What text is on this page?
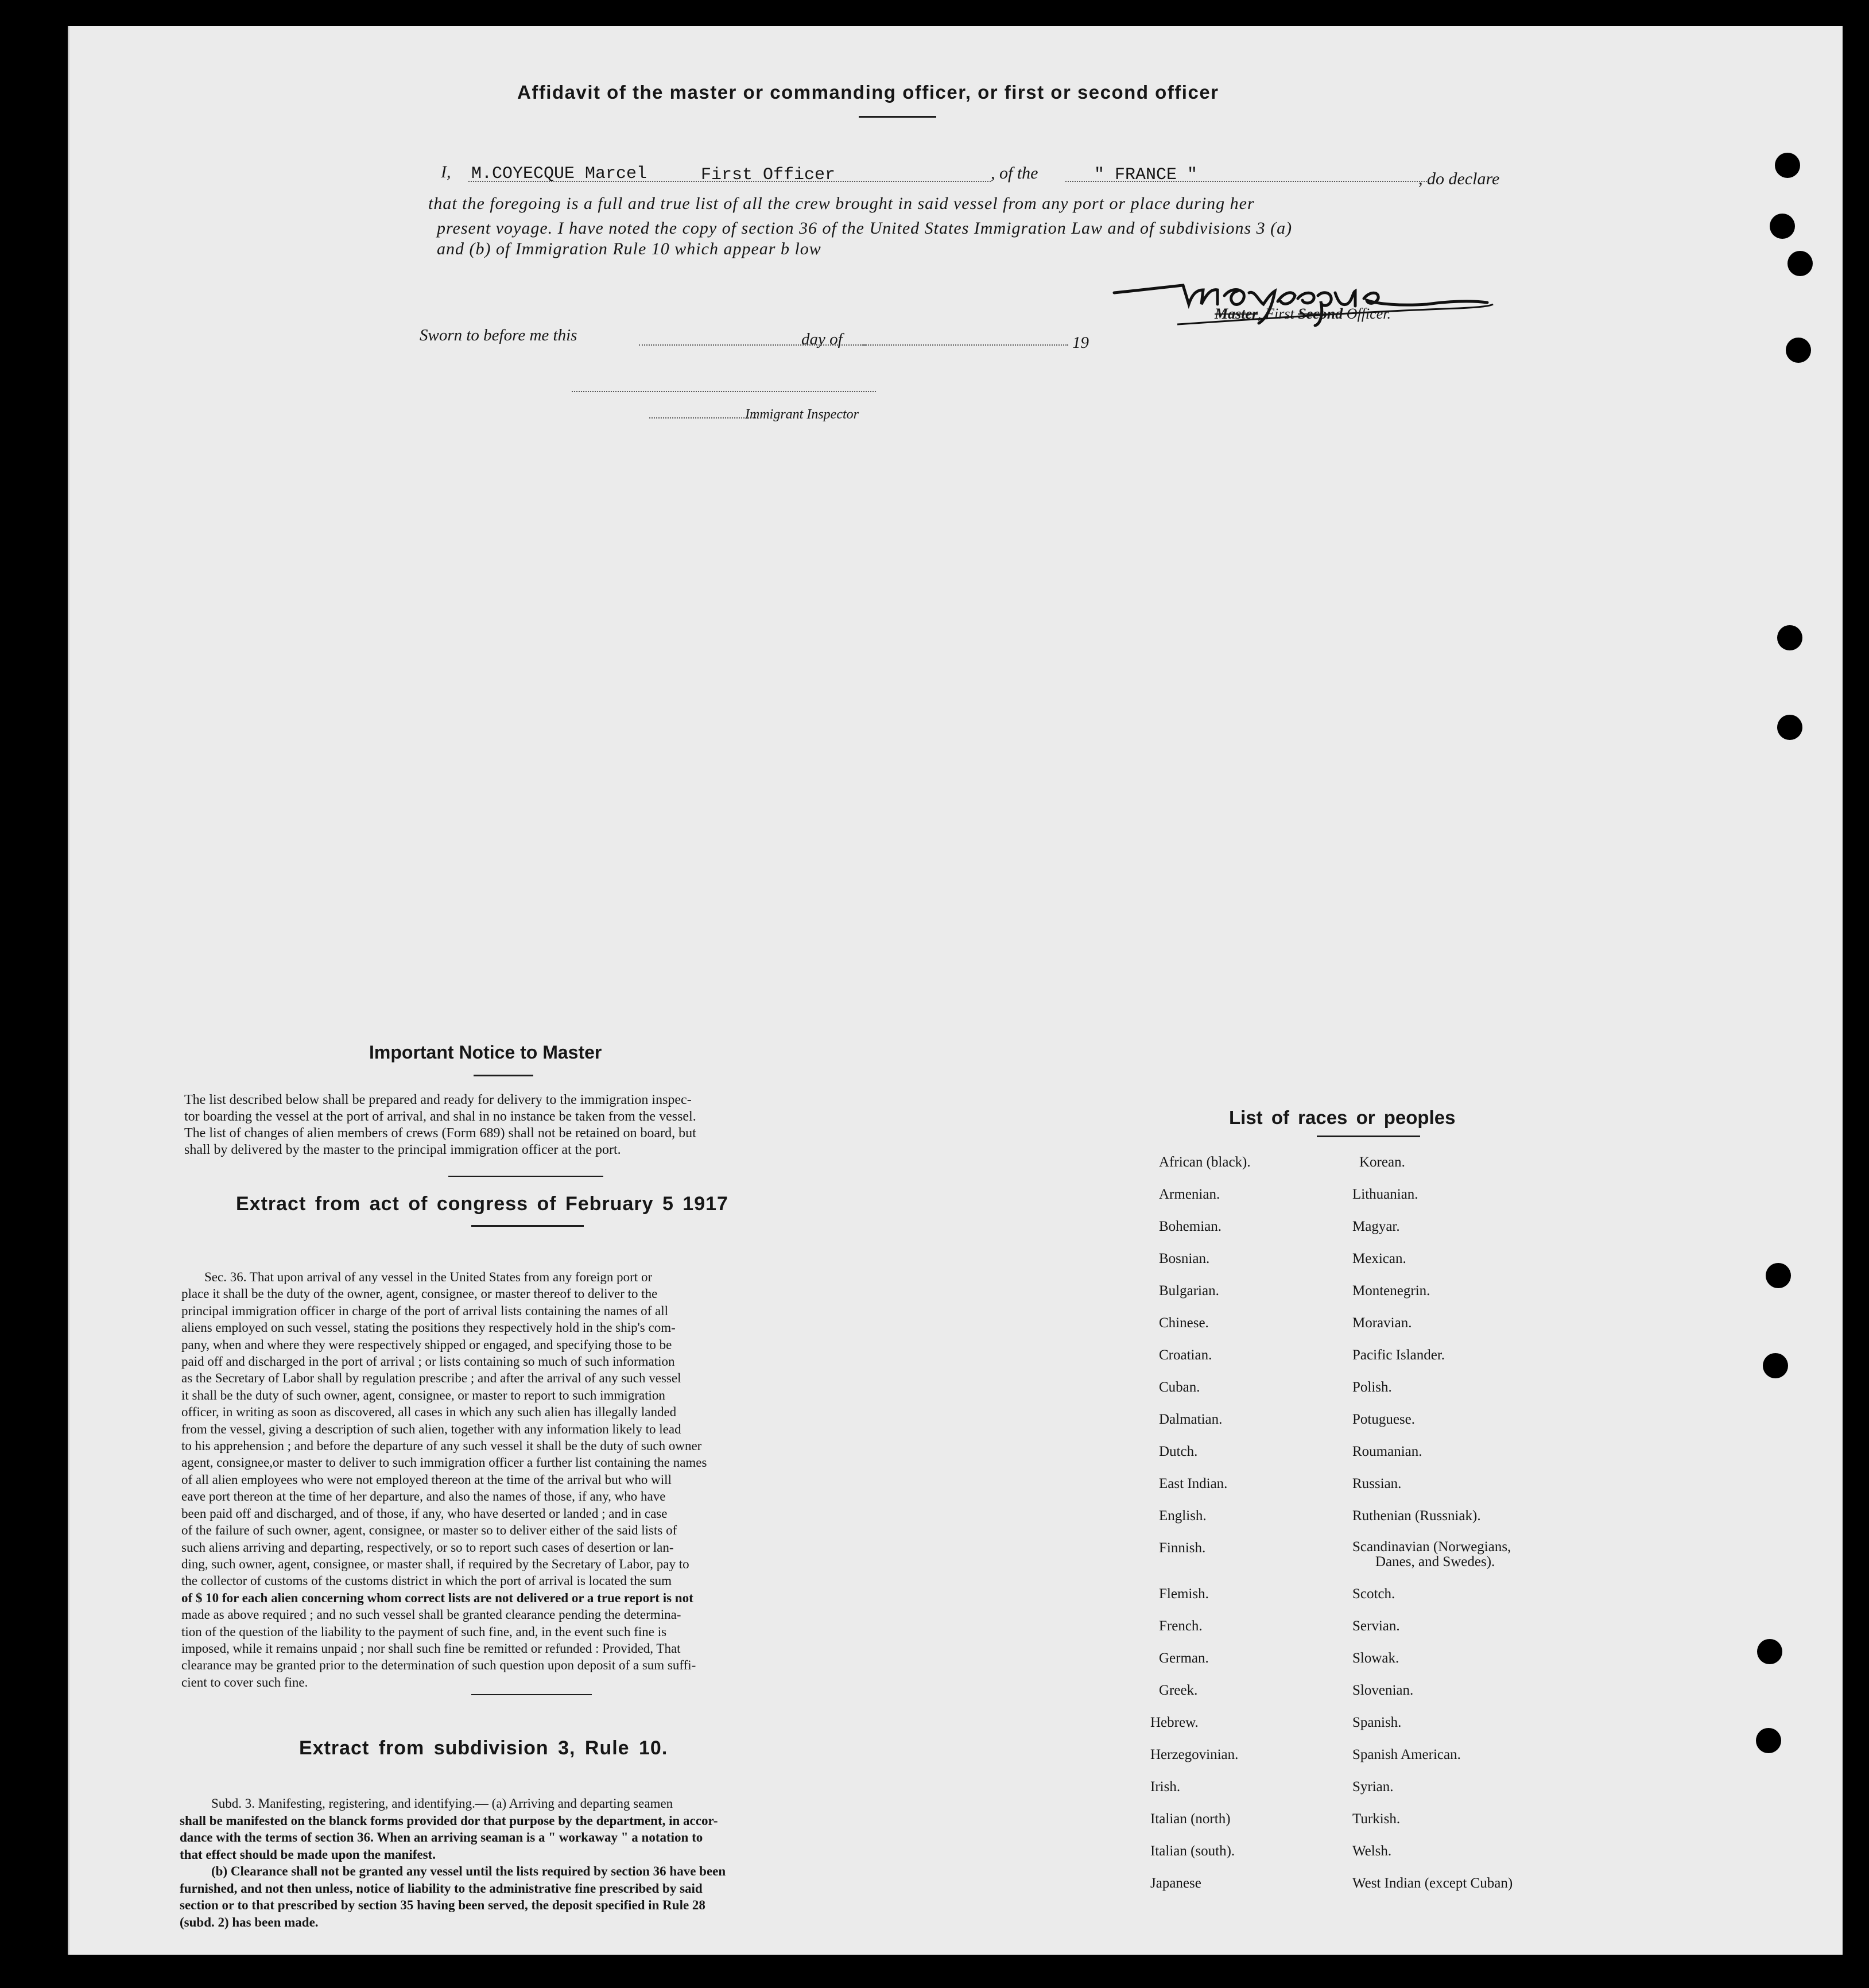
Affidavit of the master or commanding officer, or first or second officer
I, M.COYECQUE Marcel	First Officer	, of the	" FRANCE "	, do declare
that the foregoing is a full and true list of all the crew brought in said vessel from any port or place during her
present voyage. I have noted the copy of section 36 of the United States Immigration Law and of subdivisions 3 (a)
and (b) of Immigration Rule 10 which appear b low
Master, First Second Officer.
Sworn to before me this	day of	19
Immigrant Inspector
Important Notice to Master
The list described below shall be prepared and ready for delivery to the immigration inspec-
tor boarding the vessel at the port of arrival, and shal in no instance be taken from the vessel.
The list of changes of alien members of crews (Form 689) shall not be retained on board, but
shall by delivered by the master to the principal immigration officer at the port.
Extract from act of congress of February 5 1917
Sec. 36. That upon arrival of any vessel in the United States from any foreign port or
place it shall be the duty of the owner, agent, consignee, or master thereof to deliver to the
principal immigration officer in charge of the port of arrival lists containing the names of all
aliens employed on such vessel, stating the positions they respectively hold in the ship's com-
pany, when and where they were respectively shipped or engaged, and specifying those to be
paid off and discharged in the port of arrival ; or lists containing so much of such information
as the Secretary of Labor shall by regulation prescribe ; and after the arrival of any such vessel
it shall be the duty of such owner, agent, consignee, or master to report to such immigration
officer, in writing as soon as discovered, all cases in which any such alien has illegally landed
from the vessel, giving a description of such alien, together with any information likely to lead
to his apprehension ; and before the departure of any such vessel it shall be the duty of such owner
agent, consignee,or master to deliver to such immigration officer a further list containing the names
of all alien employees who were not employed thereon at the time of the arrival but who will
eave port thereon at the time of her departure, and also the names of those, if any, who have
been paid off and discharged, and of those, if any, who have deserted or landed ; and in case
of the failure of such owner, agent, consignee, or master so to deliver either of the said lists of
such aliens arriving and departing, respectively, or so to report such cases of desertion or lan-
ding, such owner, agent, consignee, or master shall, if required by the Secretary of Labor, pay to
the collector of customs of the customs district in which the port of arrival is located the sum
of $ 10 for each alien concerning whom correct lists are not delivered or a true report is not
made as above required ; and no such vessel shall be granted clearance pending the determina-
tion of the question of the liability to the payment of such fine, and, in the event such fine is
imposed, while it remains unpaid ; nor shall such fine be remitted or refunded : Provided, That
clearance may be granted prior to the determination of such question upon deposit of a sum suffi-
cient to cover such fine.
Extract from subdivision 3, Rule 10.
Subd. 3. Manifesting, registering, and identifying.— (a) Arriving and departing seamen
shall be manifested on the blanck forms provided dor that purpose by the department, in accor-
dance with the terms of section 36. When an arriving seaman is a " workaway " a notation to
that effect should be made upon the manifest.
(b) Clearance shall not be granted any vessel until the lists required by section 36 have been
furnished, and not then unless, notice of liability to the administrative fine prescribed by said
section or to that prescribed by section 35 having been served, the deposit specified in Rule 28
(subd. 2) has been made.
List of races or peoples
African (black).
Armenian.
Bohemian.
Bosnian.
Bulgarian.
Chinese.
Croatian.
Cuban.
Dalmatian.
Dutch.
East Indian.
English.
Finnish.
Flemish.
French.
German.
Greek.
Hebrew.
Herzegovinian.
Irish.
Italian (north)
Italian (south).
Japanese
Korean.
Lithuanian.
Magyar.
Mexican.
Montenegrin.
Moravian.
Pacific Islander.
Polish.
Potuguese.
Roumanian.
Russian.
Ruthenian (Russniak).
Scandinavian (Norwegians,
Danes, and Swedes).
Scotch.
Servian.
Slowak.
Slovenian.
Spanish.
Spanish American.
Syrian.
Turkish.
Welsh.
West Indian (except Cuban)
